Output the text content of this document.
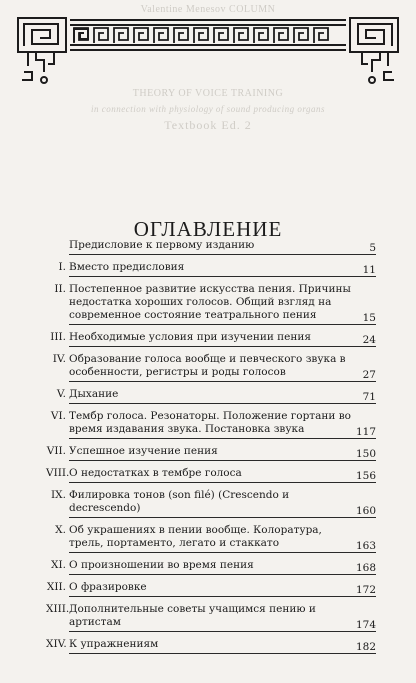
Valentine Menesov COLUMN
THEORY OF VOICE TRAINING
in connection with physiology of sound producing organs
Textbook Ed. 2
ОГЛАВЛЕНИЕ
Предисловие к первому изданию	5
I. Вместо предисловия	11
II. Постепенное развитие искусства пения. Причины недостатка хороших голосов. Общий взгляд на современное состояние театрального пения	15
III. Необходимые условия при изучении пения	24
IV. Образование голоса вообще и певческого звука в особенности, регистры и роды голосов	27
V. Дыхание	71
VI. Тембр голоса. Резонаторы. Положение гортани во время издавания звука. Постановка звука	117
VII. Успешное изучение пения	150
VIII. О недостатках в тембре голоса	156
IX. Филировка тонов (son filé) (Crescendo и decrescendo)	160
X. Об украшениях в пении вообще. Колоратура, трель, портаменто, легато и стаккато	163
XI. О произношении во время пения	168
XII. О фразировке	172
XIII. Дополнительные советы учащимся пению и артистам	174
XIV. К упражнениям	182
